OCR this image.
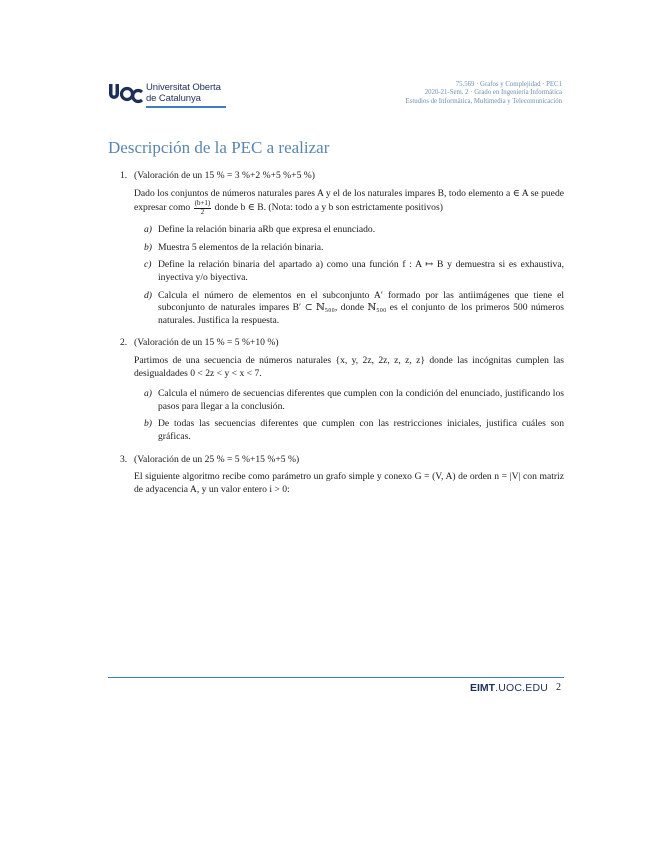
Universitat Oberta
de Catalunya
75.569 · Grafos y Complejidad · PEC1
2020-21-Sem. 2 · Grado en Ingeniería Informática
Estudios de Informática, Multimedia y Telecomunicación
Descripción de la PEC a realizar
1. (Valoración de un 15 % = 3 %+2 %+5 %+5 %)
Dado los conjuntos de números naturales pares A y el de los naturales impares B, todo elemento a ∈ A se puede expresar como $\frac{(b+1)}{2}$ donde b ∈ B. (Nota: todo a y b son estrictamente positivos)
a) Define la relación binaria aRb que expresa el enunciado.
b) Muestra 5 elementos de la relación binaria.
c) Define la relación binaria del apartado a) como una función f : A ↦ B y demuestra si es exhaustiva, inyectiva y/o biyectiva.
d) Calcula el número de elementos en el subconjunto A′ formado por las antiimágenes que tiene el subconjunto de naturales impares B′ ⊂ ℕ₅₀₀, donde ℕ₅₀₀ es el conjunto de los primeros 500 números naturales. Justifica la respuesta.
2. (Valoración de un 15 % = 5 %+10 %)
Partimos de una secuencia de números naturales {x, y, 2z, 2z, z, z, z} donde las incógnitas cumplen las desigualdades 0 < 2z < y < x < 7.
a) Calcula el número de secuencias diferentes que cumplen con la condición del enunciado, justificando los pasos para llegar a la conclusión.
b) De todas las secuencias diferentes que cumplen con las restricciones iniciales, justifica cuáles son gráficas.
3. (Valoración de un 25 % = 5 %+15 %+5 %)
El siguiente algoritmo recibe como parámetro un grafo simple y conexo G = (V, A) de orden n = |V| con matriz de adyacencia A, y un valor entero i > 0:
EIMT.UOC.EDU 2
